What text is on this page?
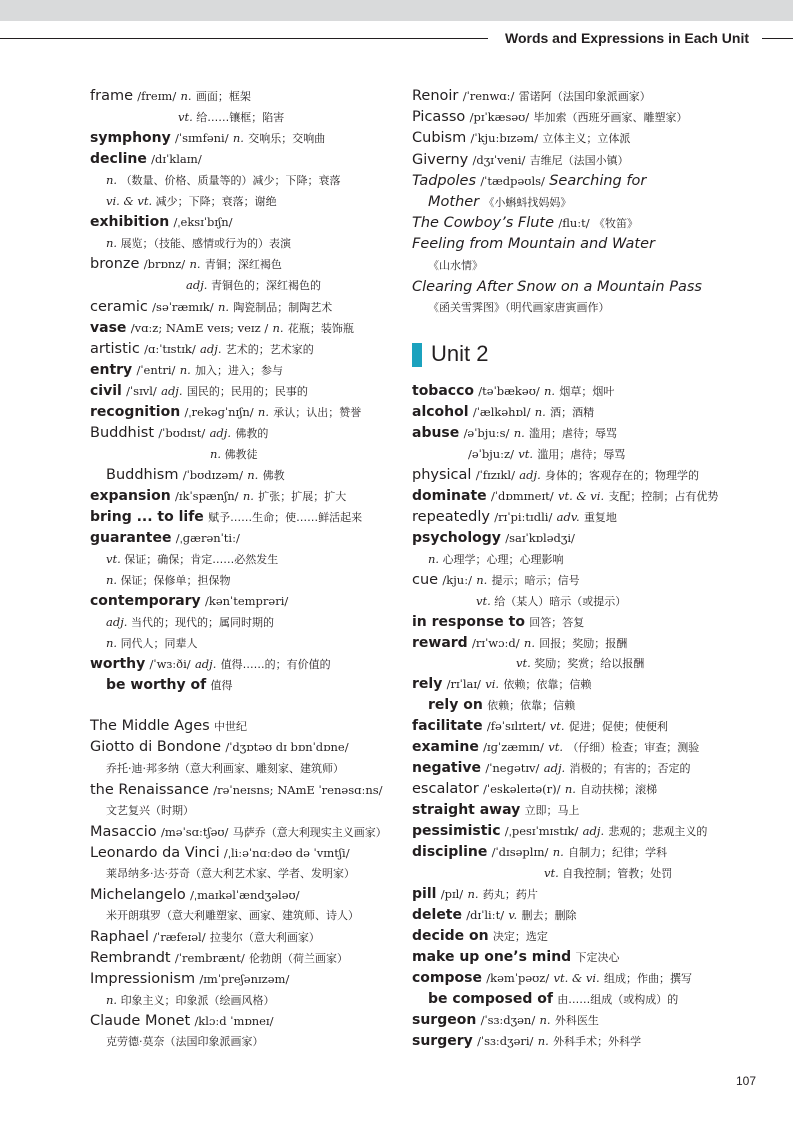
Words and Expressions in Each Unit
frame /freɪm/ n. 画面；框架
vt. 给……镶框；陷害
symphony /ˈsɪmfəni/ n. 交响乐；交响曲
decline /dɪˈklaɪn/
n. （数量、价格、质量等的）减少；下降；衰落
vi. & vt. 减少；下降；衰落；谢绝
exhibition /ˌeksɪˈbɪʃn/
n. 展览；（技能、感情或行为的）表演
bronze /brɒnz/ n. 青铜；深红褐色
adj. 青铜色的；深红褐色的
ceramic /səˈræmɪk/ n. 陶瓷制品；制陶艺术
vase /vɑːz; NAmE veɪs; veɪz / n. 花瓶；装饰瓶
artistic /ɑːˈtɪstɪk/ adj. 艺术的；艺术家的
entry /ˈentri/ n. 加入；进入；参与
civil /ˈsɪvl/ adj. 国民的；民用的；民事的
recognition /ˌrekəɡˈnɪʃn/ n. 承认；认出；赞誉
Buddhist /ˈbʊdɪst/ adj. 佛教的
n. 佛教徒
Buddhism /ˈbʊdɪzəm/ n. 佛教
expansion /ɪkˈspænʃn/ n. 扩张；扩展；扩大
bring ... to life 赋予……生命；使……鲜活起来
guarantee /ˌɡærənˈtiː/
vt. 保证；确保；肯定……必然发生
n. 保证；保修单；担保物
contemporary /kənˈtemprəri/
adj. 当代的；现代的；属同时期的
n. 同代人；同辈人
worthy /ˈwɜːði/ adj. 值得……的；有价值的
be worthy of 值得
The Middle Ages 中世纪
Giotto di Bondone /ˈdʒɒtəʊ dɪ bɒnˈdɒne/
乔托·迪·邦多纳（意大利画家、雕刻家、建筑师）
the Renaissance /rəˈneɪsns; NAmE ˈrenəsɑːns/
文艺复兴（时期）
Masaccio /məˈsɑːtʃəʊ/ 马萨乔（意大利现实主义画家）
Leonardo da Vinci /ˌliːəˈnɑːdəʊ də ˈvɪntʃi/
莱昂纳多·达·芬奇（意大利艺术家、学者、发明家）
Michelangelo /ˌmaɪkəlˈændʒələʊ/
米开朗琪罗（意大利雕塑家、画家、建筑师、诗人）
Raphael /ˈræfeɪəl/ 拉斐尔（意大利画家）
Rembrandt /ˈrembrænt/ 伦勃朗（荷兰画家）
Impressionism /ɪmˈpreʃənɪzəm/
n. 印象主义；印象派（绘画风格）
Claude Monet /klɔːd ˈmɒneɪ/
克劳德·莫奈（法国印象派画家）
Renoir /ˈrenwɑː/ 雷诺阿（法国印象派画家）
Picasso /pɪˈkæsəʊ/ 毕加索（西班牙画家、雕塑家）
Cubism /ˈkjuːbɪzəm/ 立体主义；立体派
Giverny /dʒɪˈveni/ 吉维尼（法国小镇）
Tadpoles /ˈtædpəʊls/ Searching for
Mother 《小蝌蚪找妈妈》
The Cowboy’s Flute /fluːt/ 《牧笛》
Feeling from Mountain and Water
《山水情》
Clearing After Snow on a Mountain Pass
《函关雪霁图》（明代画家唐寅画作）
Unit 2
tobacco /təˈbækəʊ/ n. 烟草；烟叶
alcohol /ˈælkəhɒl/ n. 酒；酒精
abuse /əˈbjuːs/ n. 滥用；虐待；辱骂
/əˈbjuːz/ vt. 滥用；虐待；辱骂
physical /ˈfɪzɪkl/ adj. 身体的；客观存在的；物理学的
dominate /ˈdɒmɪneɪt/ vt. & vi. 支配；控制；占有优势
repeatedly /rɪˈpiːtɪdli/ adv. 重复地
psychology /saɪˈkɒlədʒi/
n. 心理学；心理；心理影响
cue /kjuː/ n. 提示；暗示；信号
vt. 给（某人）暗示（或提示）
in response to 回答；答复
reward /rɪˈwɔːd/ n. 回报；奖励；报酬
vt. 奖励；奖赏；给以报酬
rely /rɪˈlaɪ/ vi. 依赖；依靠；信赖
rely on 依赖；依靠；信赖
facilitate /fəˈsɪlɪteɪt/ vt. 促进；促使；使便利
examine /ɪɡˈzæmɪn/ vt. （仔细）检查；审查；测验
negative /ˈneɡətɪv/ adj. 消极的；有害的；否定的
escalator /ˈeskəleɪtə(r)/ n. 自动扶梯；滚梯
straight away 立即；马上
pessimistic /ˌpesɪˈmɪstɪk/ adj. 悲观的；悲观主义的
discipline /ˈdɪsəplɪn/ n. 自制力；纪律；学科
vt. 自我控制；管教；处罚
pill /pɪl/ n. 药丸；药片
delete /dɪˈliːt/ v. 删去；删除
decide on 决定；选定
make up one’s mind 下定决心
compose /kəmˈpəʊz/ vt. & vi. 组成；作曲；撰写
be composed of 由……组成（或构成）的
surgeon /ˈsɜːdʒən/ n. 外科医生
surgery /ˈsɜːdʒəri/ n. 外科手术；外科学
107
